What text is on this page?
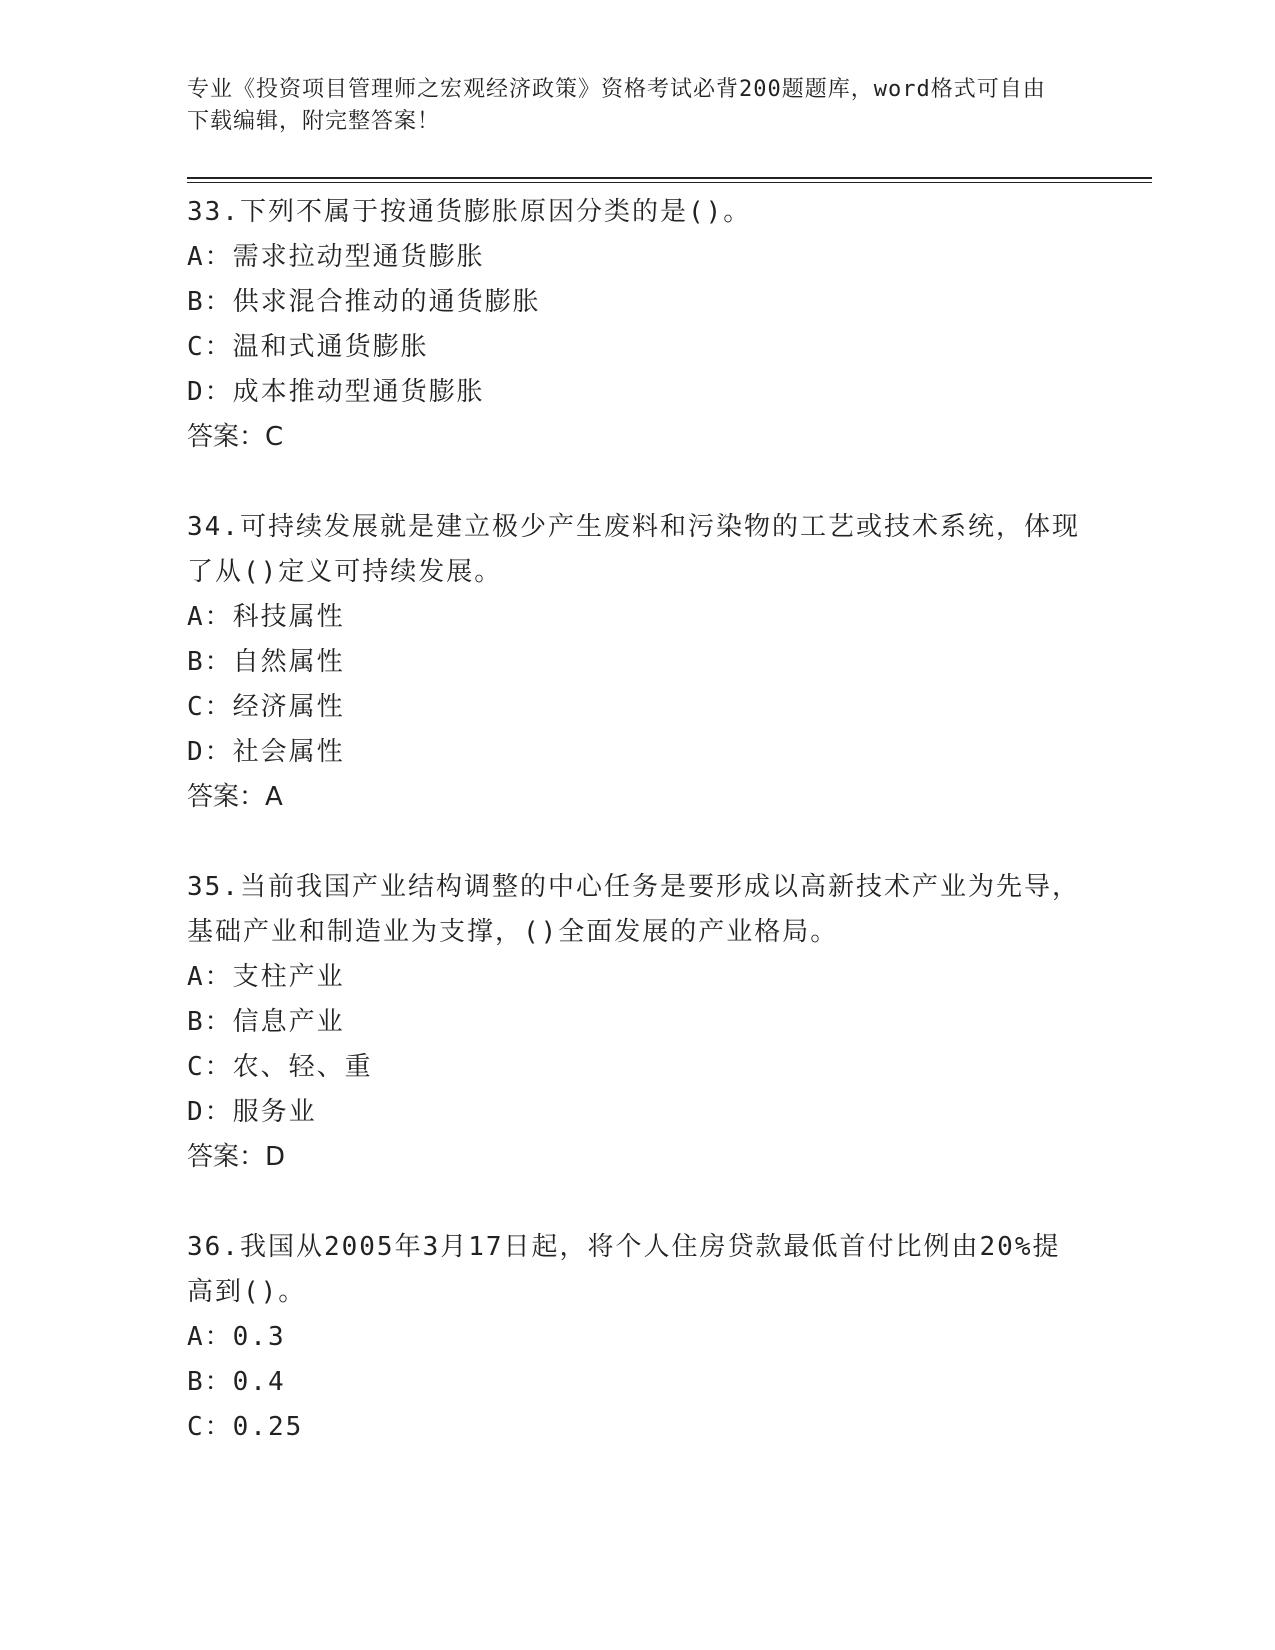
专业《投资项目管理师之宏观经济政策》资格考试必背200题题库，word格式可自由下载编辑，附完整答案！

33.下列不属于按通货膨胀原因分类的是()。

A：需求拉动型通货膨胀

B：供求混合推动的通货膨胀

C：温和式通货膨胀

D：成本推动型通货膨胀

答案：C

34.可持续发展就是建立极少产生废料和污染物的工艺或技术系统，体现了从()定义可持续发展。

A：科技属性

B：自然属性

C：经济属性

D：社会属性

答案：A

35.当前我国产业结构调整的中心任务是要形成以高新技术产业为先导，基础产业和制造业为支撑，()全面发展的产业格局。

A：支柱产业

B：信息产业

C：农、轻、重

D：服务业

答案：D

36.我国从2005年3月17日起，将个人住房贷款最低首付比例由20%提高到()。

A：0.3

B：0.4

C：0.25
